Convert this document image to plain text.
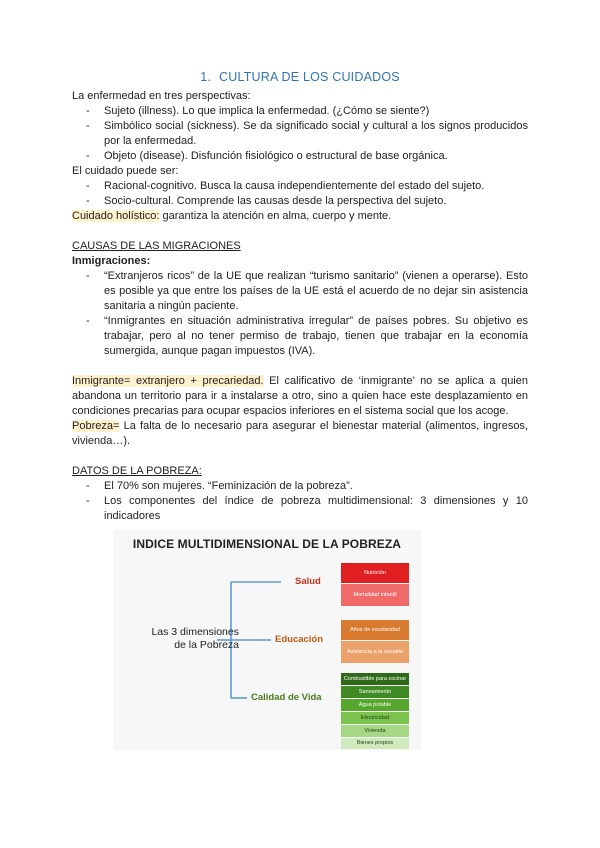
1. CULTURA DE LOS CUIDADOS

La enfermedad en tres perspectivas:

- Sujeto (illness). Lo que implica la enfermedad. (¿Cómo se siente?)
- Simbólico social (sickness). Se da significado social y cultural a los signos producidos por la enfermedad.
- Objeto (disease). Disfunción fisiológico o estructural de base orgánica.

El cuidado puede ser:

- Racional-cognitivo. Busca la causa independientemente del estado del sujeto.
- Socio-cultural. Comprende las causas desde la perspectiva del sujeto.

Cuidado holístico: garantiza la atención en alma, cuerpo y mente.

CAUSAS DE LAS MIGRACIONES

Inmigraciones:

- “Extranjeros ricos” de la UE que realizan “turismo sanitario” (vienen a operarse). Esto es posible ya que entre los países de la UE está el acuerdo de no dejar sin asistencia sanitaria a ningún paciente.
- “Inmigrantes en situación administrativa irregular” de países pobres. Su objetivo es trabajar, pero al no tener permiso de trabajo, tienen que trabajar en la economía sumergida, aunque pagan impuestos (IVA).

Inmigrante= extranjero + precariedad. El calificativo de ‘inmigrante’ no se aplica a quien abandona un territorio para ir a instalarse a otro, sino a quien hace este desplazamiento en condiciones precarias para ocupar espacios inferiores en el sistema social que los acoge.

Pobreza= La falta de lo necesario para asegurar el bienestar material (alimentos, ingresos, vivienda…).

DATOS DE LA POBREZA:

- El 70% son mujeres. “Feminización de la pobreza”.
- Los componentes del índice de pobreza multidimensional: 3 dimensiones y 10 indicadores
INDICE MULTIDIMENSIONAL DE LA POBREZA
Las 3 dimensiones
de la Pobreza
Salud
Educación
Calidad de Vida
Nutrición
Mortalidad infantil
Años de escolaridad
Asistencia a la escuela
Combustible para cocinar
Saneamiento
Agua potable
Electricidad
Vivienda
Bienes propios
